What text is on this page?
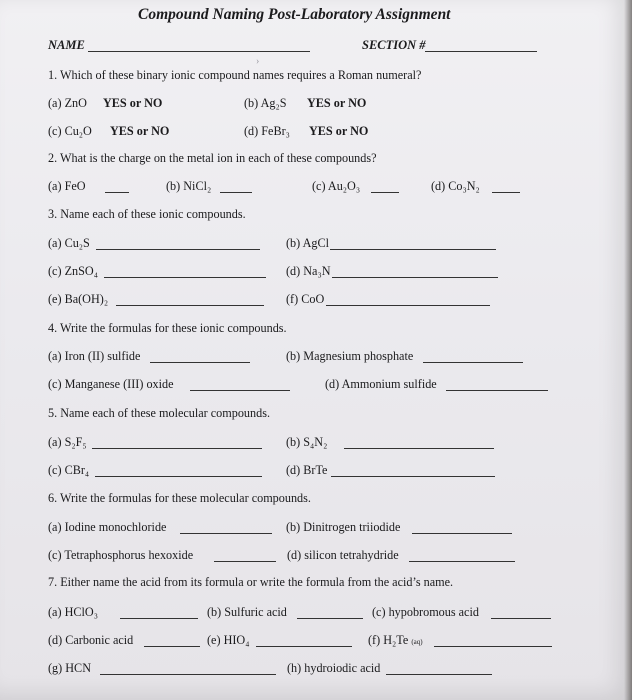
Compound Naming Post-Laboratory Assignment
NAME	SECTION #
›
1. Which of these binary ionic compound names requires a Roman numeral?
(a) ZnO YES or NO	(b) Ag₂S YES or NO
(c) Cu₂O YES or NO	(d) FeBr₃ YES or NO
2. What is the charge on the metal ion in each of these compounds?
(a) FeO	(b) NiCl₂	(c) Au₂O₃	(d) Co₃N₂
3. Name each of these ionic compounds.
(a) Cu₂S	(b) AgCl
(c) ZnSO₄	(d) Na₃N
(e) Ba(OH)₂	(f) CoO
4. Write the formulas for these ionic compounds.
(a) Iron (II) sulfide	(b) Magnesium phosphate
(c) Manganese (III) oxide	(d) Ammonium sulfide
5. Name each of these molecular compounds.
(a) S₂F₅	(b) S₄N₂
(c) CBr₄	(d) BrTe
6. Write the formulas for these molecular compounds.
(a) Iodine monochloride	(b) Dinitrogen triiodide
(c) Tetraphosphorus hexoxide	(d) silicon tetrahydride
7. Either name the acid from its formula or write the formula from the acid’s name.
(a) HClO₃	(b) Sulfuric acid	(c) hypobromous acid
(d) Carbonic acid	(e) HIO₄	(f) H₂Te (aq)
(g) HCN	(h) hydroiodic acid
